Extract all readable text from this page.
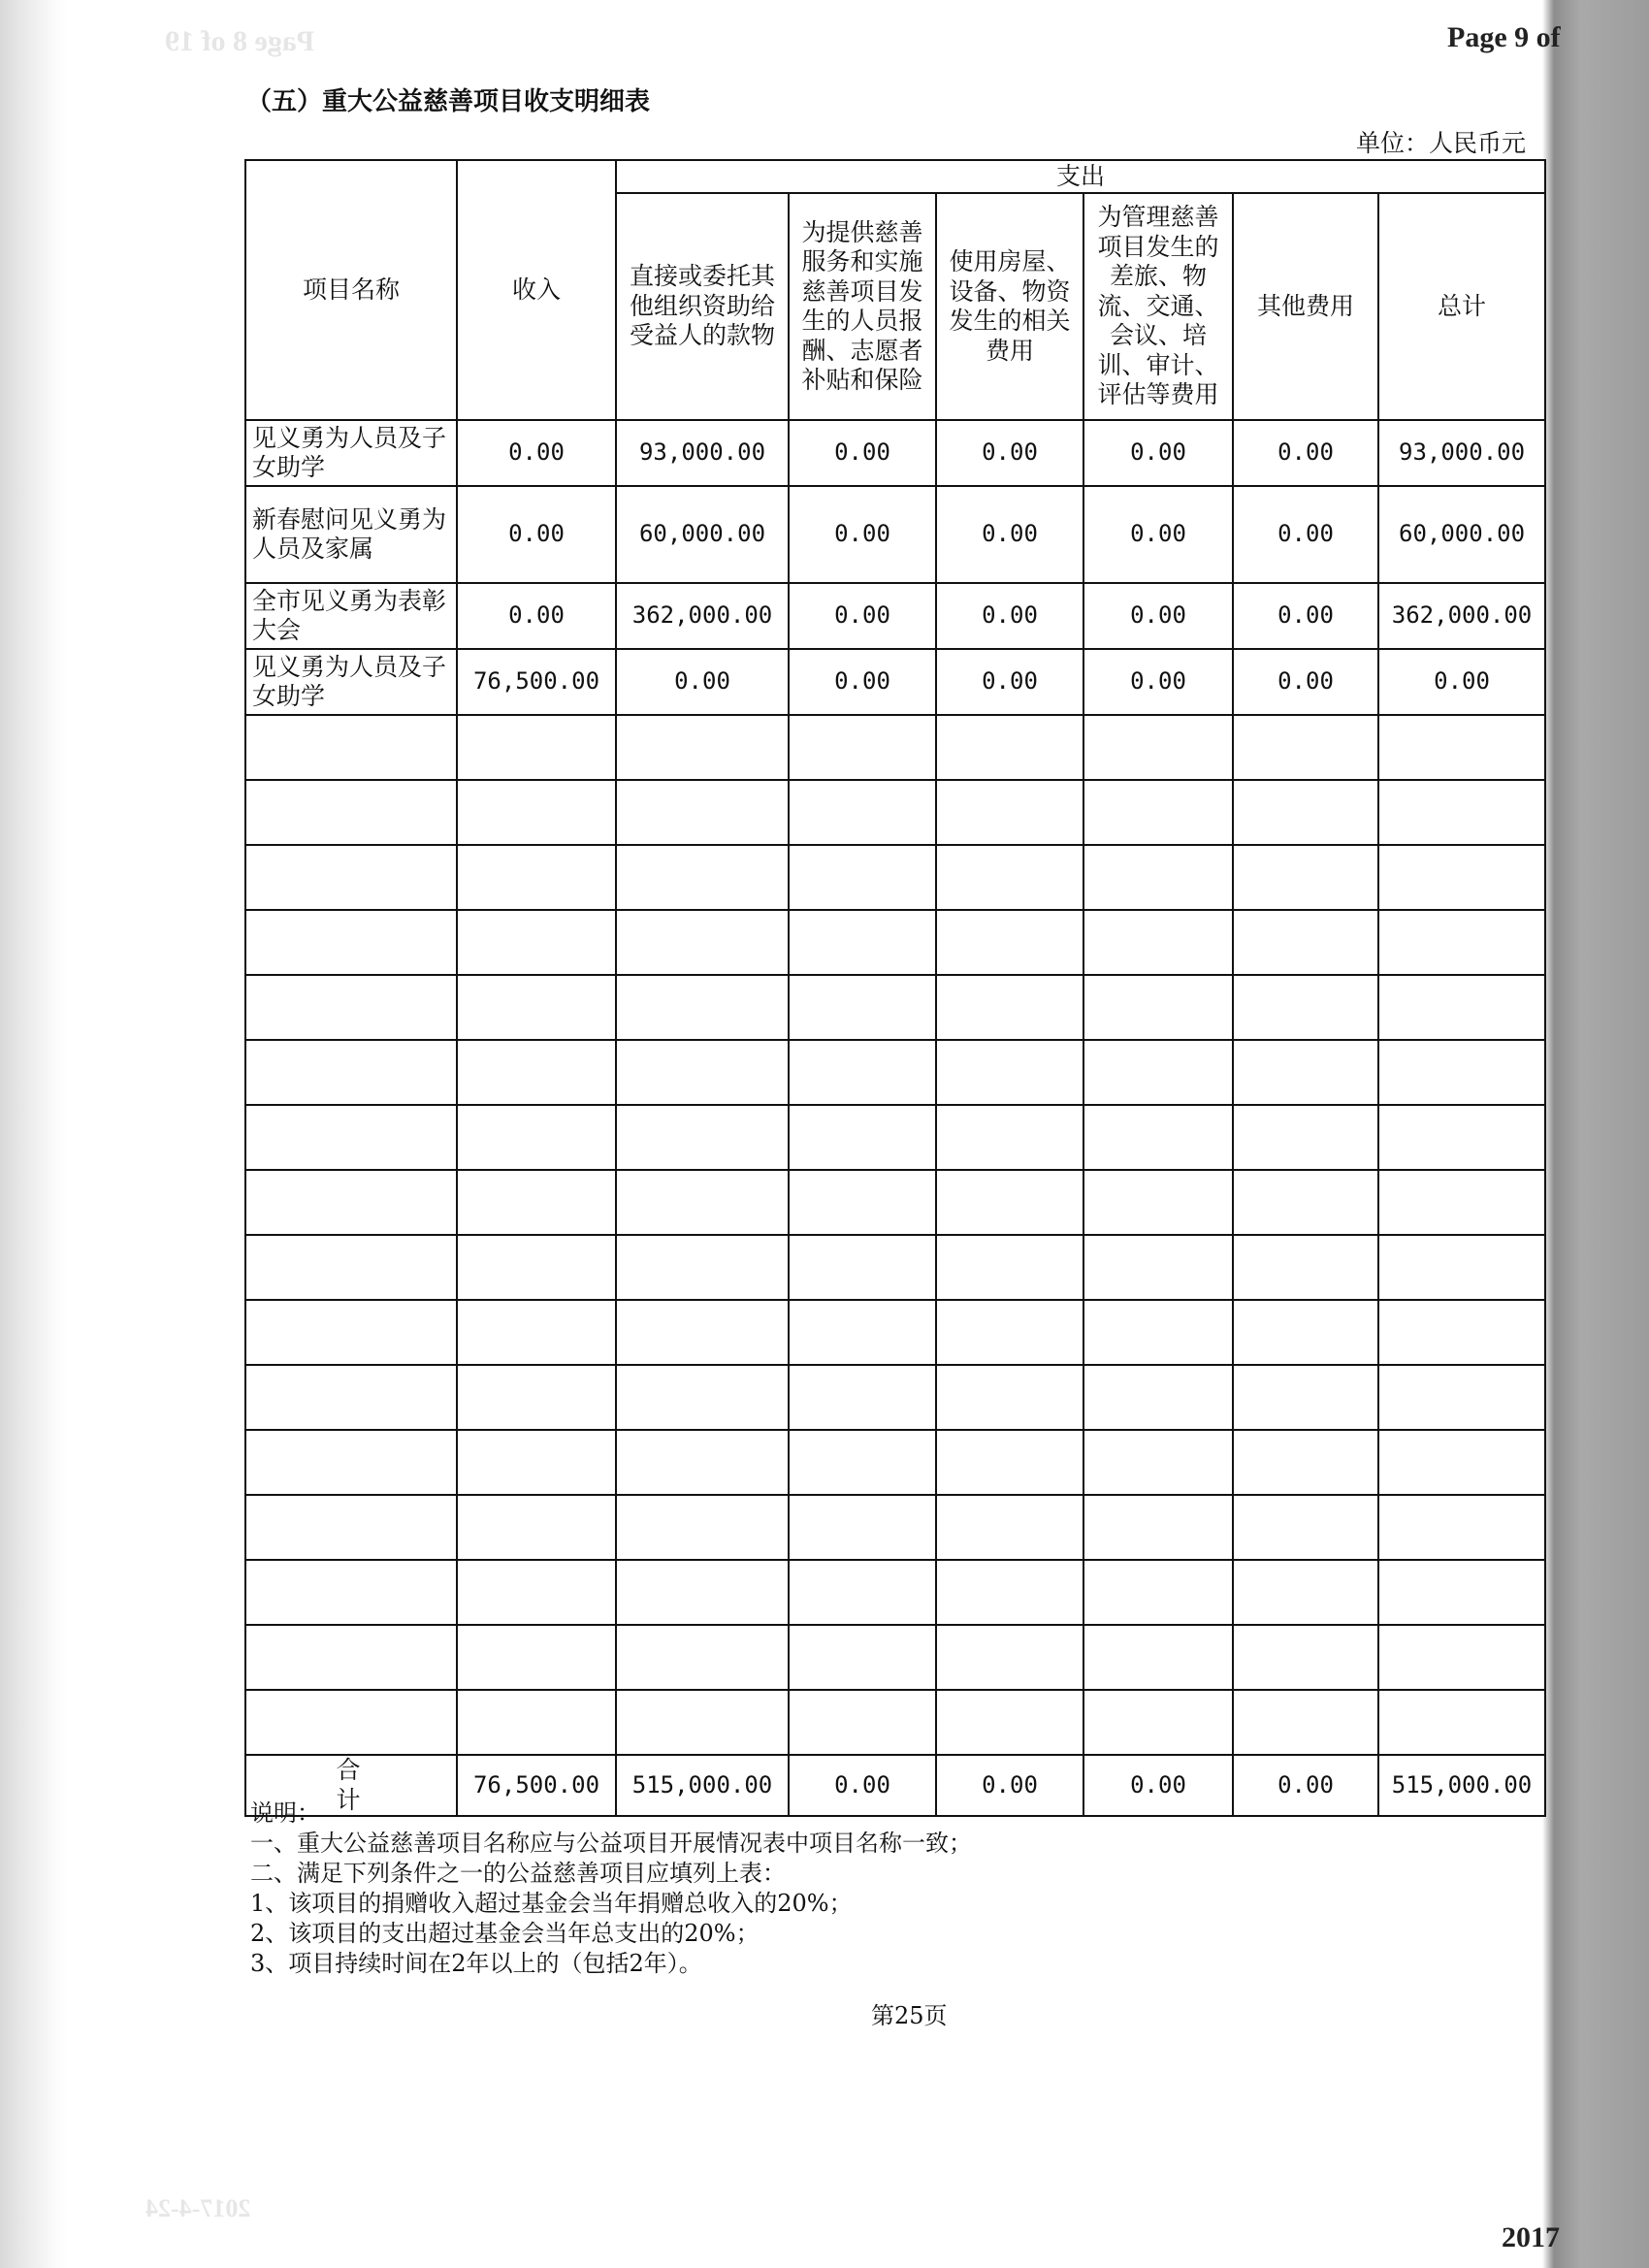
Page 8 of 19	Page 9 of
（五）重大公益慈善项目收支明细表
单位：人民币元
项目名称	收入	支出					
		直接或委托其他组织资助给受益人的款物	为提供慈善服务和实施慈善项目发生的人员报酬、志愿者补贴和保险	使用房屋、设备、物资发生的相关费用	为管理慈善项目发生的差旅、物流、交通、会议、培训、审计、评估等费用	其他费用	总计
见义勇为人员及子女助学	0.00	93,000.00	0.00	0.00	0.00	0.00	93,000.00
新春慰问见义勇为人员及家属	0.00	60,000.00	0.00	0.00	0.00	0.00	60,000.00
全市见义勇为表彰大会	0.00	362,000.00	0.00	0.00	0.00	0.00	362,000.00
见义勇为人员及子女助学	76,500.00	0.00	0.00	0.00	0.00	0.00	0.00

合 计	76,500.00	515,000.00	0.00	0.00	0.00	0.00	515,000.00
说明：
一、重大公益慈善项目名称应与公益项目开展情况表中项目名称一致；
二、满足下列条件之一的公益慈善项目应填列上表：
1、该项目的捐赠收入超过基金会当年捐赠总收入的20%；
2、该项目的支出超过基金会当年总支出的20%；
3、项目持续时间在2年以上的（包括2年）。
第25页
2017-4-24
2017
